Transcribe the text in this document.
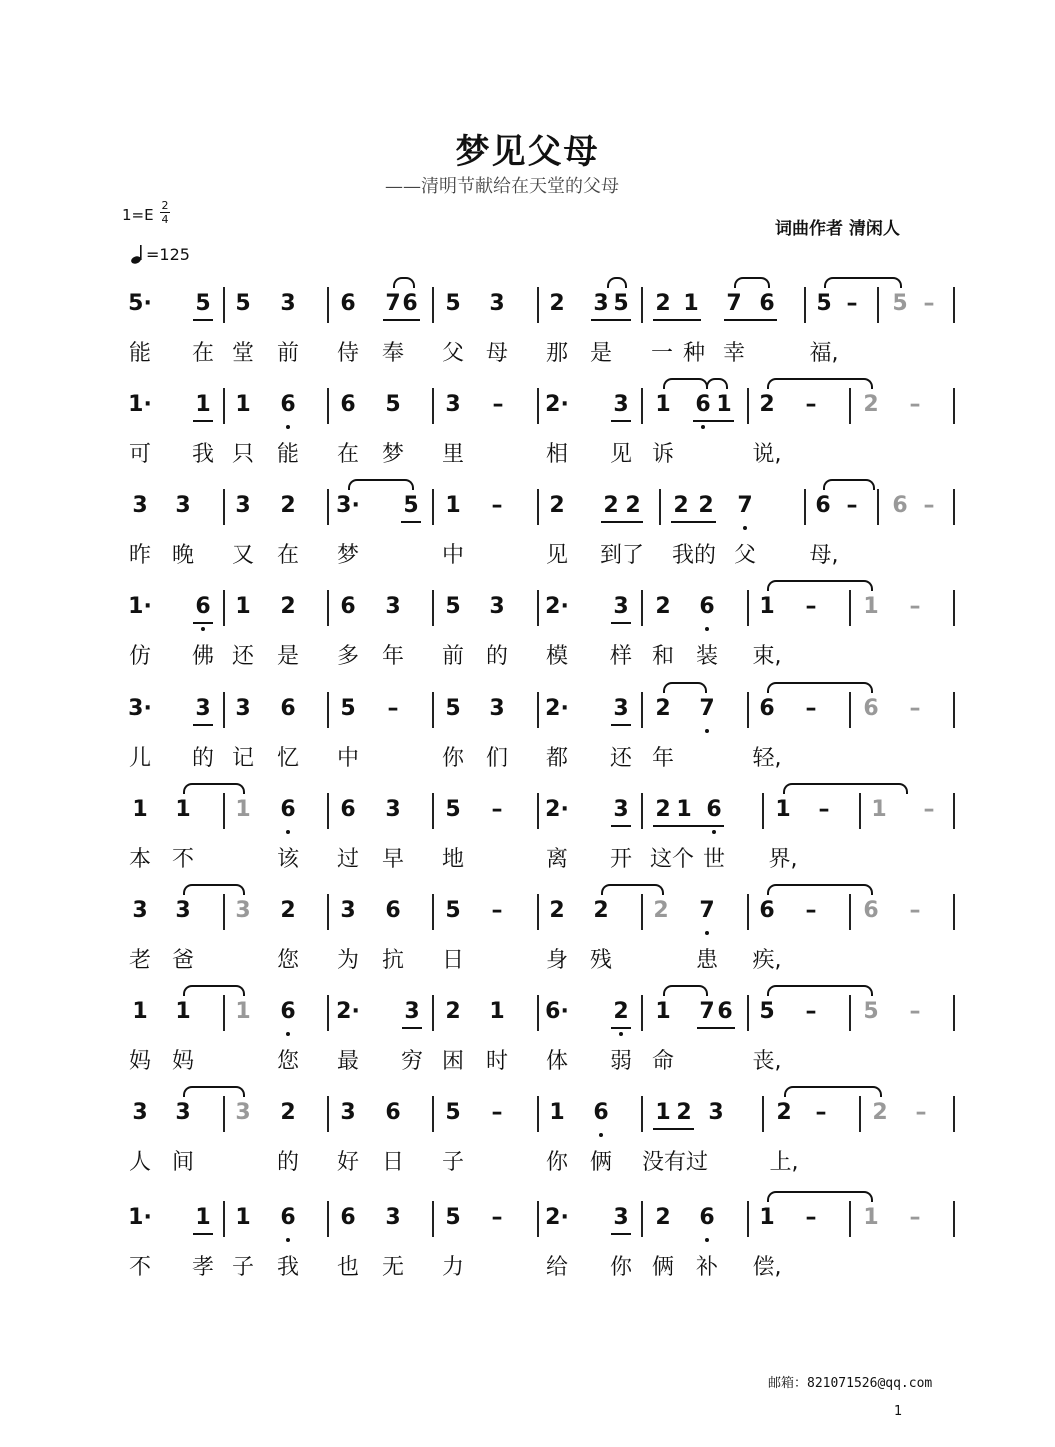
梦见父母
——清明节献给在天堂的父母
1=E
2
4
=125
词曲作者 清闲人
5· 5 5 3 6 7 6 5 3 2 3 5 2 1 7 6 5 – 5 –
能 在 堂 前 侍 奉 父 母 那 是 一 种 幸	福,
1· 1 1 6 6 5 3 – 2· 3 1 6 1 2 – 2 –
可 我 只 能 在 梦 里	相 见 诉	说,
3 3 3 2 3· 5 1 – 2 2 2 2 2 7	6 – 6 –
昨 晚 又 在 梦	中	见 到了 我的 父 母,
1· 6 1 2 6 3 5 3 2· 3 2 6 1 – 1 –
仿 佛 还 是 多 年 前 的 模 样 和 装 束,
3· 3 3 6 5 – 5 3 2· 3 2 7 6 – 6 –
儿 的 记 忆 中	你 们 都 还 年	轻,
1 1 1 6 6 3 5 – 2· 3 2 1 6 1 – 1 –
本 不	该 过 早 地	离 开 这个 世 界,
3 3 3 2 3 6 5 – 2 2 2 7 6 – 6 –
老 爸	您 为 抗 日	身 残	患 疾,
1 1 1 6 2· 3 2 1 6· 2 1 7 6 5 – 5 –
妈 妈	您 最 穷 困 时 体 弱 命	丧,
3 3 3 2 3 6 5 – 1 6 1 2 3 2 – 2 –
人 间	的 好 日 子	你 俩 没有过	上,
1· 1 1 6 6 3 5 – 2· 3 2 6 1 – 1 –
不 孝 子 我 也 无 力	给 你 俩 补 偿,
邮箱：821071526@qq.com
1
